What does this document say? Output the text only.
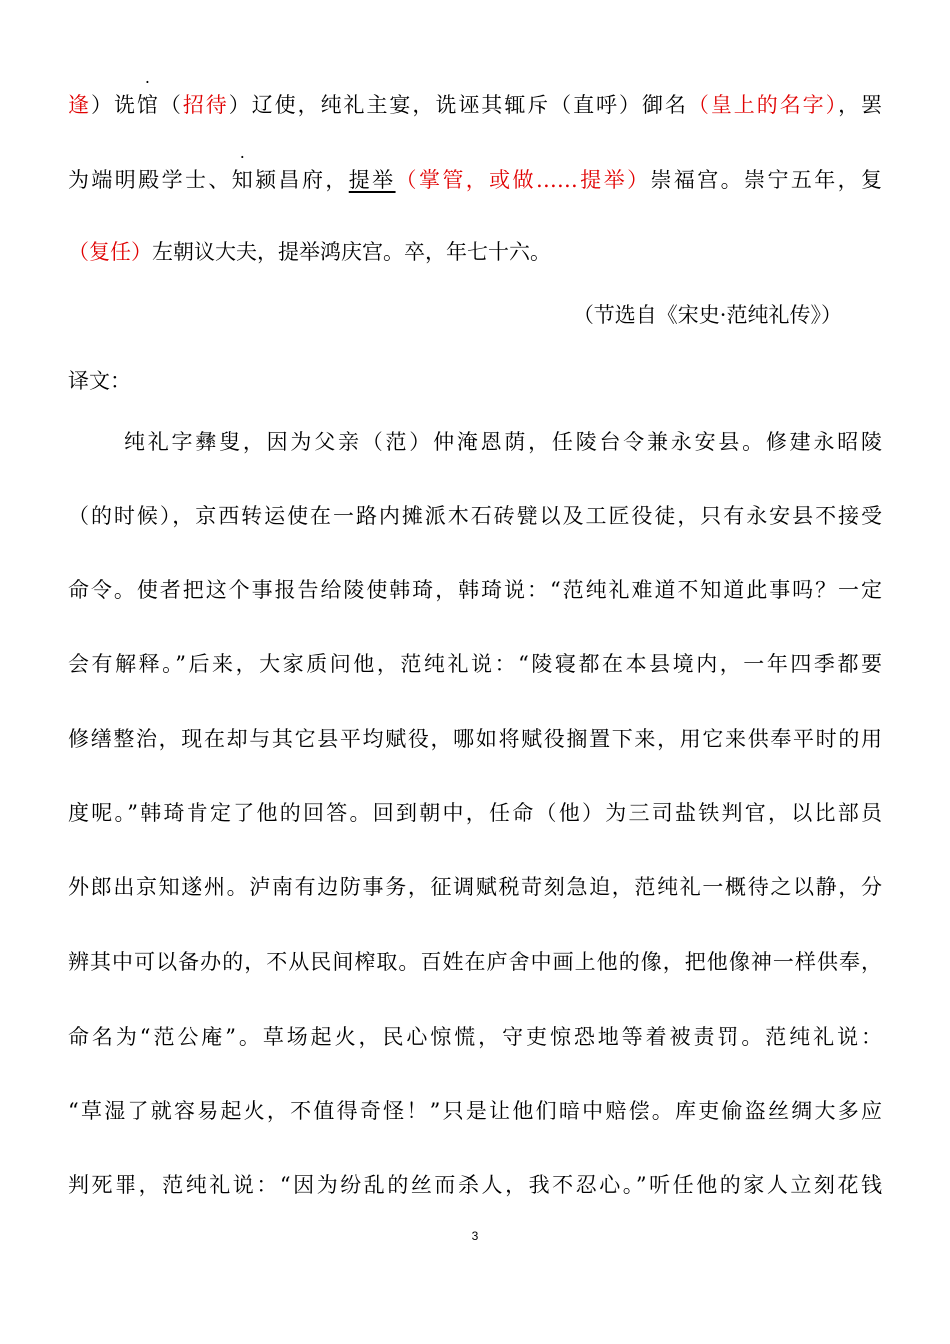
逢）诜馆（招待）辽使，纯礼主宴，诜诬其辄斥（直呼）御名（皇上的名字），罢
为端明殿学士、知颍昌府，提举（掌管，或做……提举）崇福宫。崇宁五年，复
（复任）左朝议大夫，提举鸿庆宫。卒，年七十六。
（节选自《宋史·范纯礼传》）
译文：
纯礼字彝叟，因为父亲（范）仲淹恩荫，任陵台令兼永安县。修建永昭陵
（的时候），京西转运使在一路内摊派木石砖甓以及工匠役徒，只有永安县不接受
命令。使者把这个事报告给陵使韩琦，韩琦说：“范纯礼难道不知道此事吗？一定
会有解释。”后来，大家质问他，范纯礼说：“陵寝都在本县境内，一年四季都要
修缮整治，现在却与其它县平均赋役，哪如将赋役搁置下来，用它来供奉平时的用
度呢。”韩琦肯定了他的回答。回到朝中，任命（他）为三司盐铁判官，以比部员
外郎出京知遂州。泸南有边防事务，征调赋税苛刻急迫，范纯礼一概待之以静，分
辨其中可以备办的，不从民间榨取。百姓在庐舍中画上他的像，把他像神一样供奉，
命名为“范公庵”。草场起火，民心惊慌，守吏惊恐地等着被责罚。范纯礼说：
“草湿了就容易起火，不值得奇怪！”只是让他们暗中赔偿。库吏偷盗丝绸大多应
判死罪，范纯礼说：“因为纷乱的丝而杀人，我不忍心。”听任他的家人立刻花钱
3
